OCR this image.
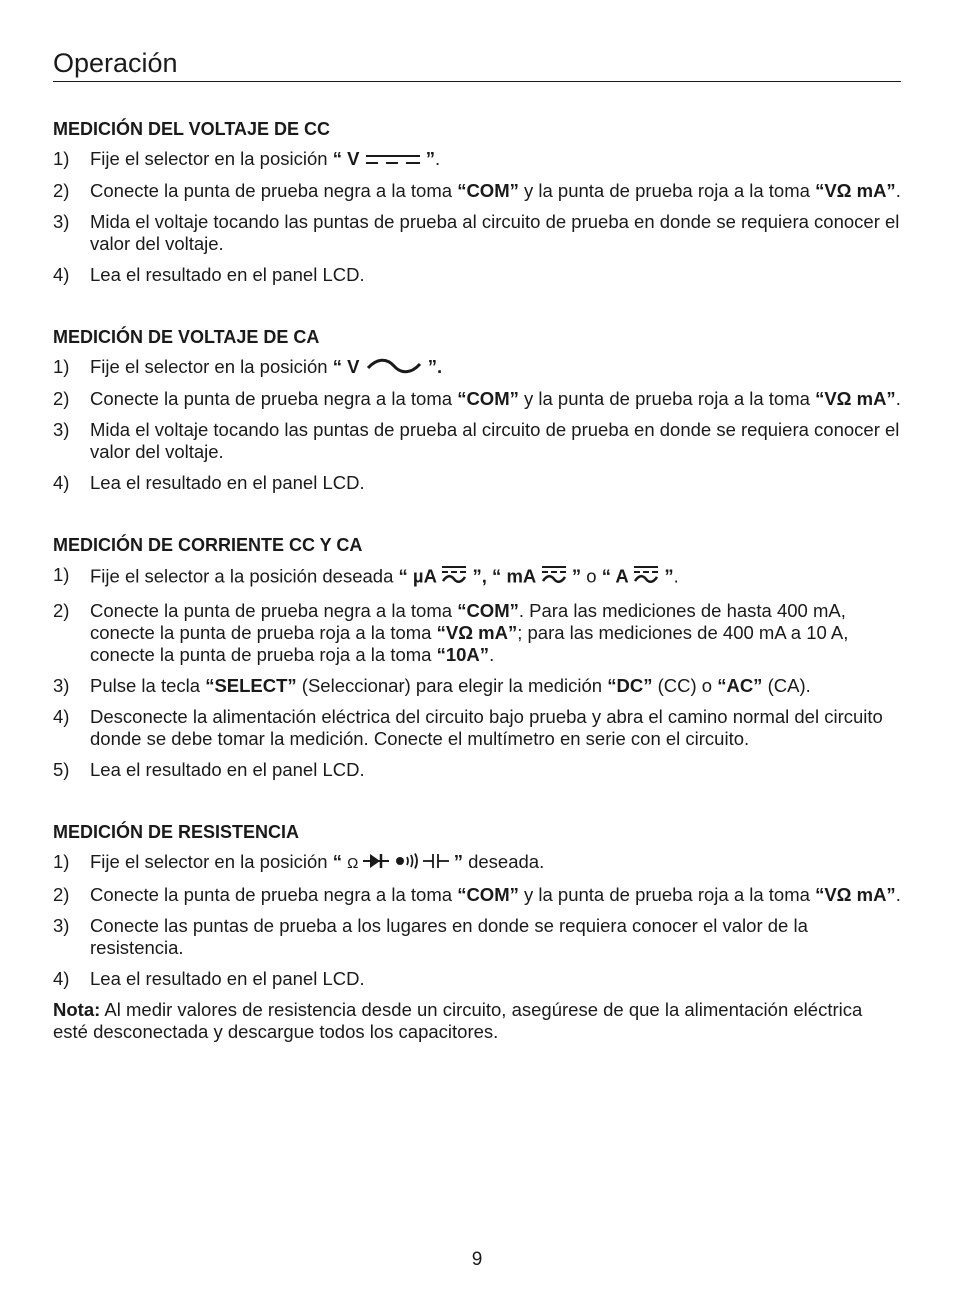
Operación
MEDICIÓN DEL VOLTAJE DE CC
1) Fije el selector en la posición “ V	”.
2) Conecte la punta de prueba negra a la toma “COM” y la punta de prueba roja a la toma “VΩ mA”.
3) Mida el voltaje tocando las puntas de prueba al circuito de prueba en donde se requiera conocer el valor del voltaje.
4) Lea el resultado en el panel LCD.
MEDICIÓN DE VOLTAJE DE CA
1) Fije el selector en la posición “ V	”.
2) Conecte la punta de prueba negra a la toma “COM” y la punta de prueba roja a la toma “VΩ mA”.
3) Mida el voltaje tocando las puntas de prueba al circuito de prueba en donde se requiera conocer el valor del voltaje.
4) Lea el resultado en el panel LCD.
MEDICIÓN DE CORRIENTE CC Y CA
1) Fije el selector a la posición deseada “ µA  ”, “ mA  ” o “ A  ”.
2) Conecte la punta de prueba negra a la toma “COM”. Para las mediciones de hasta 400 mA, conecte la punta de prueba roja a la toma “VΩ mA”; para las mediciones de 400 mA a 10 A, conecte la punta de prueba roja a la toma “10A”.
3) Pulse la tecla “SELECT” (Seleccionar) para elegir la medición “DC” (CC) o “AC” (CA).
4) Desconecte la alimentación eléctrica del circuito bajo prueba y abra el camino normal del circuito donde se debe tomar la medición. Conecte el multímetro en serie con el circuito.
5) Lea el resultado en el panel LCD.
MEDICIÓN DE RESISTENCIA
1) Fije el selector en la posición “ Ω	” deseada.
2) Conecte la punta de prueba negra a la toma “COM” y la punta de prueba roja a la toma “VΩ mA”.
3) Conecte las puntas de prueba a los lugares en donde se requiera conocer el valor de la resistencia.
4) Lea el resultado en el panel LCD.
Nota: Al medir valores de resistencia desde un circuito, asegúrese de que la alimentación eléctrica esté desconectada y descargue todos los capacitores.
9
